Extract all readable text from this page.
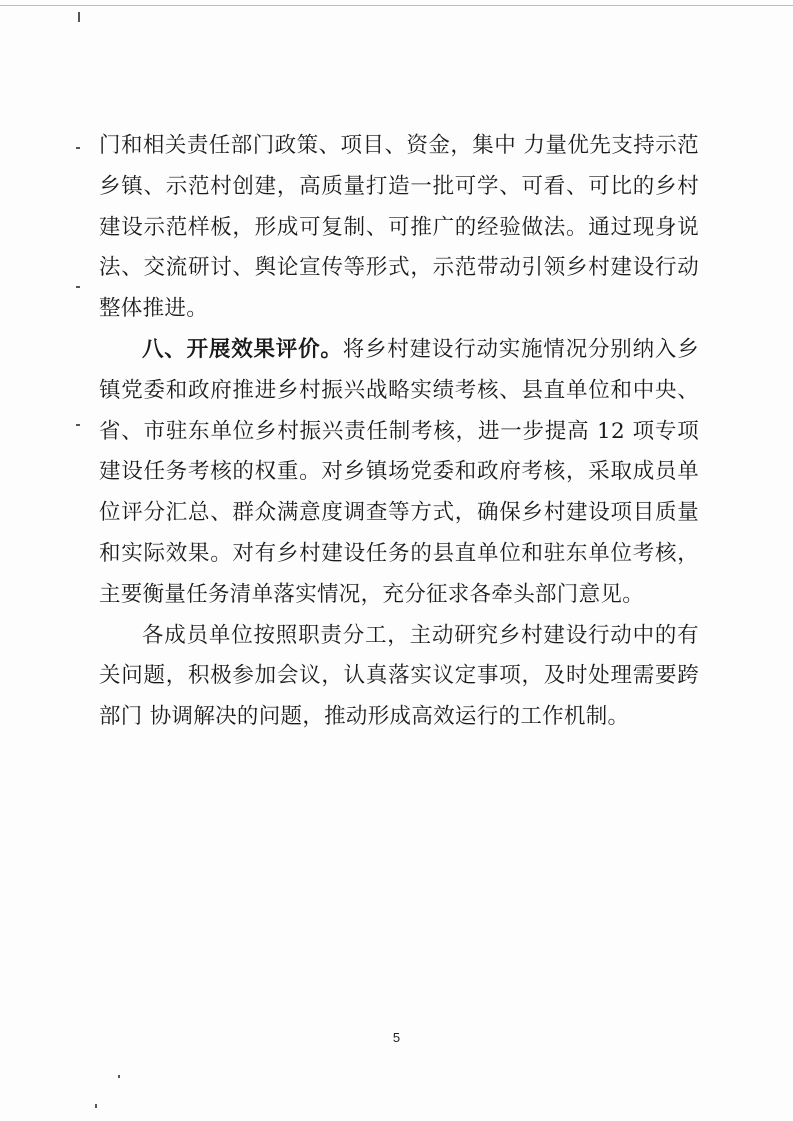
门和相关责任部门政策、项目、资金，集中 力量优先支持示范乡镇、示范村创建，高质量打造一批可学、可看、可比的乡村建设示范样板，形成可复制、可推广的经验做法。通过现身说法、交流研讨、舆论宣传等形式，示范带动引领乡村建设行动整体推进。

八、开展效果评价。将乡村建设行动实施情况分别纳入乡镇党委和政府推进乡村振兴战略实绩考核、县直单位和中央、省、市驻东单位乡村振兴责任制考核，进一步提高 12 项专项建设任务考核的权重。对乡镇场党委和政府考核，采取成员单位评分汇总、群众满意度调查等方式，确保乡村建设项目质量 和实际效果。对有乡村建设任务的县直单位和驻东单位考核， 主要衡量任务清单落实情况，充分征求各牵头部门意见。

各成员单位按照职责分工，主动研究乡村建设行动中的有关问题，积极参加会议，认真落实议定事项，及时处理需要跨部门 协调解决的问题，推动形成高效运行的工作机制。

5
